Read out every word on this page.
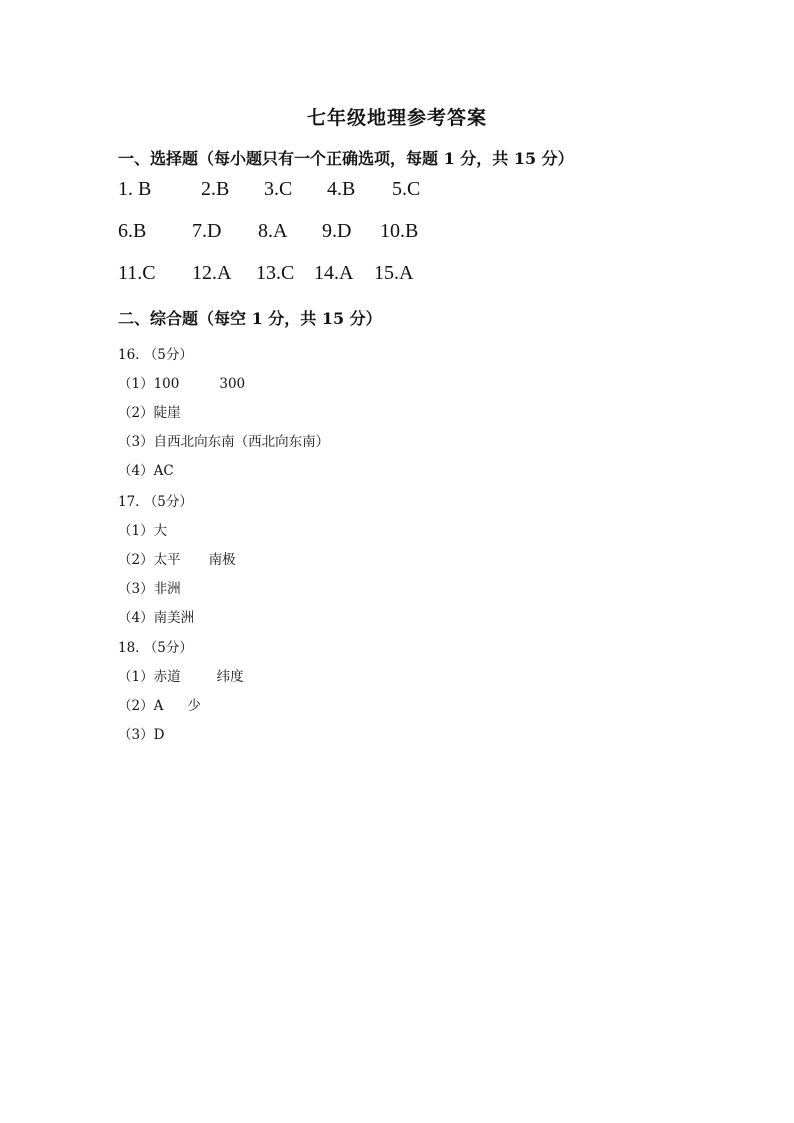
七年级地理参考答案
一、选择题（每小题只有一个正确选项，每题 1 分，共 15 分）
1. B 2.B 3.C 4.B 5.C
6.B 7.D 8.A 9.D 10.B
11.C 12.A 13.C 14.A 15.A
二、综合题（每空 1 分，共 15 分）
16. （5分）
（1）100	300
（2）陡崖
（3）自西北向东南（西北向东南）
（4）AC
17. （5分）
（1）大
（2）太平 南极
（3）非洲
（4）南美洲
18. （5分）
（1）赤道	纬度
（2）A 少
（3）D
